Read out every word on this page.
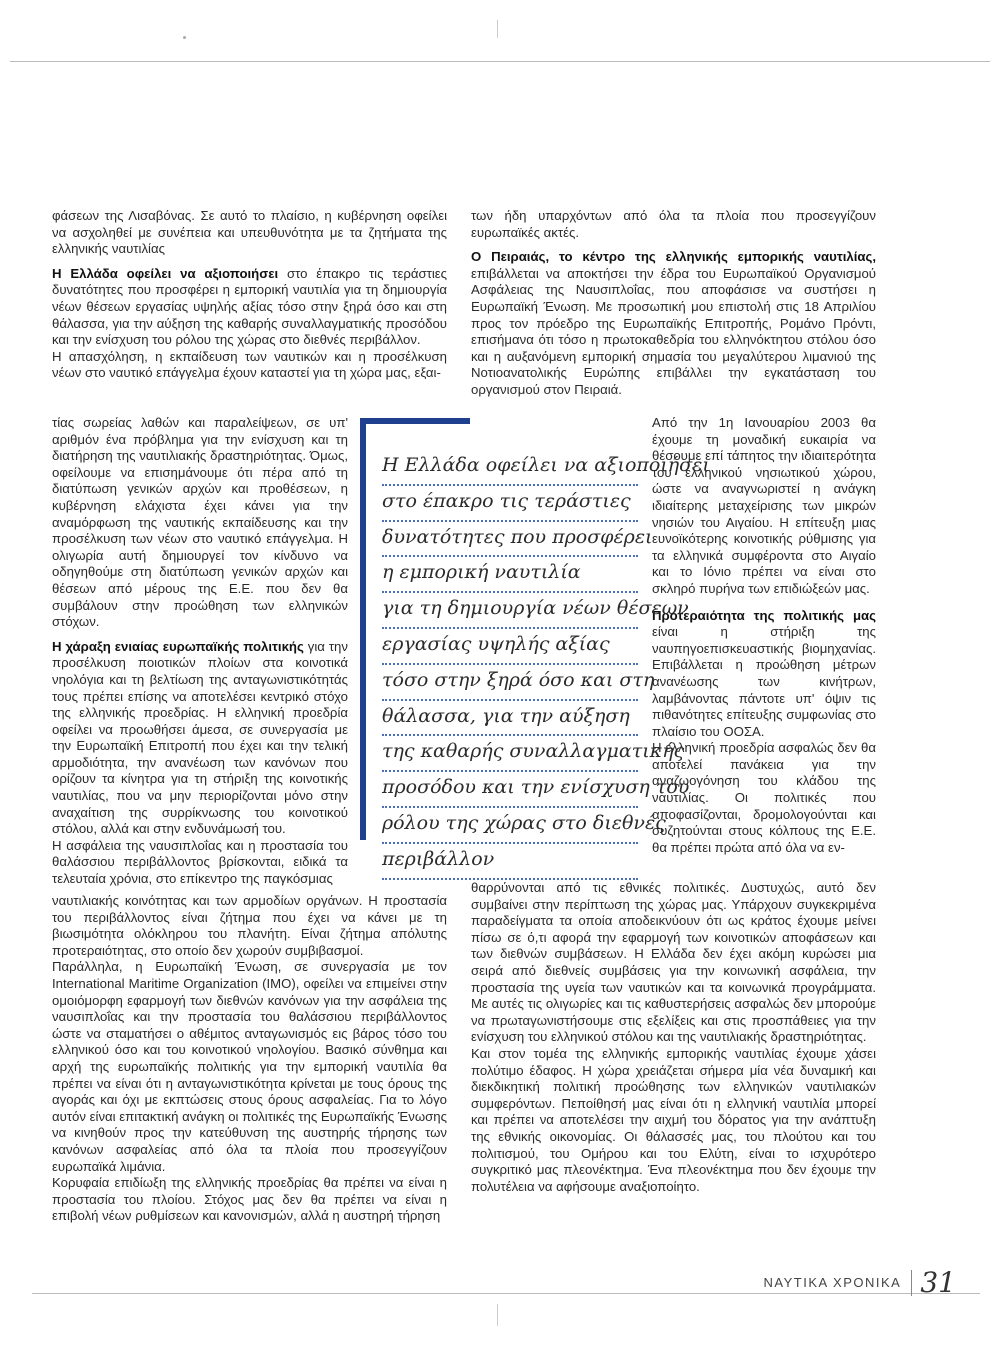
φάσεων της Λισαβόνας. Σε αυτό το πλαίσιο, η κυβέρνηση οφείλει να ασχοληθεί με συνέπεια και υπευθυνότητα με τα ζητήματα της ελληνικής ναυτιλίας

Η Ελλάδα οφείλει να αξιοποιήσει στο έπακρο τις τεράστιες δυνατότητες που προσφέρει η εμπορική ναυτιλία για τη δημιουργία νέων θέσεων εργασίας υψηλής αξίας τόσο στην ξηρά όσο και στη θάλασσα, για την αύξηση της καθαρής συναλλαγματικής προσόδου και την ενίσχυση του ρόλου της χώρας στο διεθνές περιβάλλον.

Η απασχόληση, η εκπαίδευση των ναυτικών και η προσέλκυση νέων στο ναυτικό επάγγελμα έχουν καταστεί για τη χώρα μας, εξαι-

τίας σωρείας λαθών και παραλείψεων, σε υπ' αριθμόν ένα πρόβλημα για την ενίσχυση και τη διατήρηση της ναυτιλιακής δραστηριότητας. Όμως, οφείλουμε να επισημάνουμε ότι πέρα από τη διατύπωση γενικών αρχών και προθέσεων, η κυβέρνηση ελάχιστα έχει κάνει για την αναμόρφωση της ναυτικής εκπαίδευσης και την προσέλκυση των νέων στο ναυτικό επάγγελμα. Η ολιγωρία αυτή δημιουργεί τον κίνδυνο να οδηγηθούμε στη διατύπωση γενικών αρχών και θέσεων από μέρους της Ε.Ε. που δεν θα συμβάλουν στην προώθηση των ελληνικών στόχων.

Η χάραξη ενιαίας ευρωπαϊκής πολιτικής για την προσέλκυση ποιοτικών πλοίων στα κοινοτικά νηολόγια και τη βελτίωση της ανταγωνιστικότητάς τους πρέπει επίσης να αποτελέσει κεντρικό στόχο της ελληνικής προεδρίας. Η ελληνική προεδρία οφείλει να προωθήσει άμεσα, σε συνεργασία με την Ευρωπαϊκή Επιτροπή που έχει και την τελική αρμοδιότητα, την ανανέωση των κανόνων που ορίζουν τα κίνητρα για τη στήριξη της κοινοτικής ναυτιλίας, που να μην περιορίζονται μόνο στην αναχαίτιση της συρρίκνωσης του κοινοτικού στόλου, αλλά και στην ενδυνάμωσή του.

Η ασφάλεια της ναυσιπλοΐας και η προστασία του θαλάσσιου περιβάλλοντος βρίσκονται, ειδικά τα τελευταία χρόνια, στο επίκεντρο της παγκόσμιας

ναυτιλιακής κοινότητας και των αρμοδίων οργάνων. Η προστασία του περιβάλλοντος είναι ζήτημα που έχει να κάνει με τη βιωσιμότητα ολόκληρου του πλανήτη. Είναι ζήτημα απόλυτης προτεραιότητας, στο οποίο δεν χωρούν συμβιβασμοί.

Παράλληλα, η Ευρωπαϊκή Ένωση, σε συνεργασία με τον International Maritime Organization (IMO), οφείλει να επιμείνει στην ομοιόμορφη εφαρμογή των διεθνών κανόνων για την ασφάλεια της ναυσιπλοΐας και την προστασία του θαλάσσιου περιβάλλοντος ώστε να σταματήσει ο αθέμιτος ανταγωνισμός εις βάρος τόσο του ελληνικού όσο και του κοινοτικού νηολογίου. Βασικό σύνθημα και αρχή της ευρωπαϊκής πολιτικής για την εμπορική ναυτιλία θα πρέπει να είναι ότι η ανταγωνιστικότητα κρίνεται με τους όρους της αγοράς και όχι με εκπτώσεις στους όρους ασφαλείας. Για το λόγο αυτόν είναι επιτακτική ανάγκη οι πολιτικές της Ευρωπαϊκής Ένωσης να κινηθούν προς την κατεύθυνση της αυστηρής τήρησης των κανόνων ασφαλείας από όλα τα πλοία που προσεγγίζουν ευρωπαϊκά λιμάνια.

Κορυφαία επιδίωξη της ελληνικής προεδρίας θα πρέπει να είναι η προστασία του πλοίου. Στόχος μας δεν θα πρέπει να είναι η επιβολή νέων ρυθμίσεων και κανονισμών, αλλά η αυστηρή τήρηση

των ήδη υπαρχόντων από όλα τα πλοία που προσεγγίζουν ευρωπαϊκές ακτές.

Ο Πειραιάς, το κέντρο της ελληνικής εμπορικής ναυτιλίας, επιβάλλεται να αποκτήσει την έδρα του Ευρωπαϊκού Οργανισμού Ασφάλειας της Ναυσιπλοΐας, που αποφάσισε να συστήσει η Ευρωπαϊκή Ένωση. Με προσωπική μου επιστολή στις 18 Απριλίου προς τον πρόεδρο της Ευρωπαϊκής Επιτροπής, Ρομάνο Πρόντι, επισήμανα ότι τόσο η πρωτοκαθεδρία του ελληνόκτητου στόλου όσο και η αυξανόμενη εμπορική σημασία του μεγαλύτερου λιμανιού της Νοτιοανατολικής Ευρώπης επιβάλλει την εγκατάσταση του οργανισμού στον Πειραιά.

Από την 1η Ιανουαρίου 2003 θα έχουμε τη μοναδική ευκαιρία να θέσουμε επί τάπητος την ιδιαιτερότητα του ελληνικού νησιωτικού χώρου, ώστε να αναγνωριστεί η ανάγκη ιδιαίτερης μεταχείρισης των μικρών νησιών του Αιγαίου. Η επίτευξη μιας ευνοϊκότερης κοινοτικής ρύθμισης για τα ελληνικά συμφέροντα στο Αιγαίο και το Ιόνιο πρέπει να είναι στο σκληρό πυρήνα των επιδιώξεών μας.

Προτεραιότητα της πολιτικής μας είναι η στήριξη της ναυπηγοεπισκευαστικής βιομηχανίας. Επιβάλλεται η προώθηση μέτρων ανανέωσης των κινήτρων, λαμβάνοντας πάντοτε υπ' όψιν τις πιθανότητες επίτευξης συμφωνίας στο πλαίσιο του ΟΟΣΑ.

Η ελληνική προεδρία ασφαλώς δεν θα αποτελεί πανάκεια για την αναζωογόνηση του κλάδου της ναυτιλίας. Οι πολιτικές που αποφασίζονται, δρομολογούνται και συζητούνται στους κόλπους της Ε.Ε. θα πρέπει πρώτα από όλα να εν-

θαρρύνονται από τις εθνικές πολιτικές. Δυστυχώς, αυτό δεν συμβαίνει στην περίπτωση της χώρας μας. Υπάρχουν συγκεκριμένα παραδείγματα τα οποία αποδεικνύουν ότι ως κράτος έχουμε μείνει πίσω σε ό,τι αφορά την εφαρμογή των κοινοτικών αποφάσεων και των διεθνών συμβάσεων. Η Ελλάδα δεν έχει ακόμη κυρώσει μια σειρά από διεθνείς συμβάσεις για την κοινωνική ασφάλεια, την προστασία της υγεία των ναυτικών και τα κοινωνικά προγράμματα. Με αυτές τις ολιγωρίες και τις καθυστερήσεις ασφαλώς δεν μπορούμε να πρωταγωνιστήσουμε στις εξελίξεις και στις προσπάθειες για την ενίσχυση του ελληνικού στόλου και της ναυτιλιακής δραστηριότητας.

Και στον τομέα της ελληνικής εμπορικής ναυτιλίας έχουμε χάσει πολύτιμο έδαφος. Η χώρα χρειάζεται σήμερα μία νέα δυναμική και διεκδικητική πολιτική προώθησης των ελληνικών ναυτιλιακών συμφερόντων. Πεποίθησή μας είναι ότι η ελληνική ναυτιλία μπορεί και πρέπει να αποτελέσει την αιχμή του δόρατος για την ανάπτυξη της εθνικής οικονομίας. Οι θάλασσές μας, του πλούτου και του πολιτισμού, του Ομήρου και του Ελύτη, είναι το ισχυρότερο συγκριτικό μας πλεονέκτημα. Ένα πλεονέκτημα που δεν έχουμε την πολυτέλεια να αφήσουμε αναξιοποίητο.

Η Ελλάδα οφείλει να αξιοποιήσει
στο έπακρο τις τεράστιες
δυνατότητες που προσφέρει
η εμπορική ναυτιλία
για τη δημιουργία νέων θέσεων
εργασίας υψηλής αξίας
τόσο στην ξηρά όσο και στη
θάλασσα, για την αύξηση
της καθαρής συναλλαγματικής
προσόδου και την ενίσχυση του
ρόλου της χώρας στο διεθνές
περιβάλλον
ΝΑΥΤΙΚΑ ΧΡΟΝΙΚΑ 31
